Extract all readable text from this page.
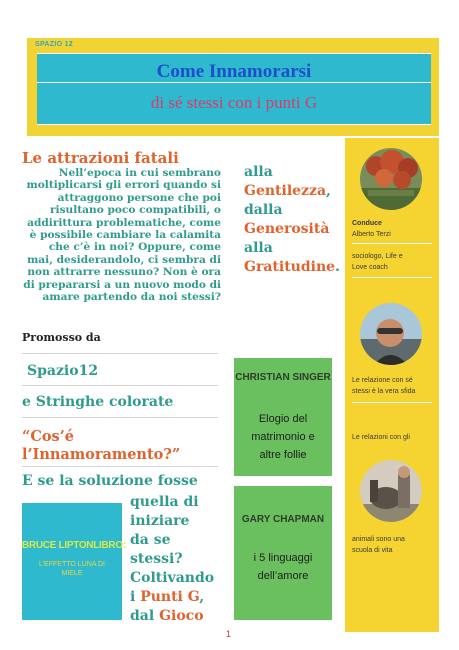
SPAZIO 12
Come Innamorarsi
di sé stessi con i punti G
Le attrazioni fatali
Nell’epoca in cui sembrano moltiplicarsi gli errori quando si attraggono persone che poi risultano poco compatibili, o addirittura problematiche, come è possibile cambiare la calamita che c’è in noi? Oppure, come mai, desiderandolo, ci sembra di non attrarre nessuno? Non è ora di prepararsi a un nuovo modo di amare partendo da noi stessi?
Promosso da
Spazio12
e Stringhe colorate
“Cos’é
l’Innamoramento?”
E se la soluzione fosse
BRUCE LIPTONLIBRO:
L’EFFETTO LUNA DI
MIELE
quella di
iniziare
da se
stessi?
Coltivando
i Punti G,
dal Gioco
alla
Gentilezza,
dalla
Generosità
alla
Gratitudine.
CHRISTIAN SINGER
Elogio del
matrimonio e
altre follie
GARY CHAPMAN
i 5 linguaggi
dell’amore
Conduce
Alberto Terzi
sociologo, Life e
Love coach
Le relazione con sé
stessi è la vera sfida
Le relazioni con gli
animali sono una
scuola di vita
1
